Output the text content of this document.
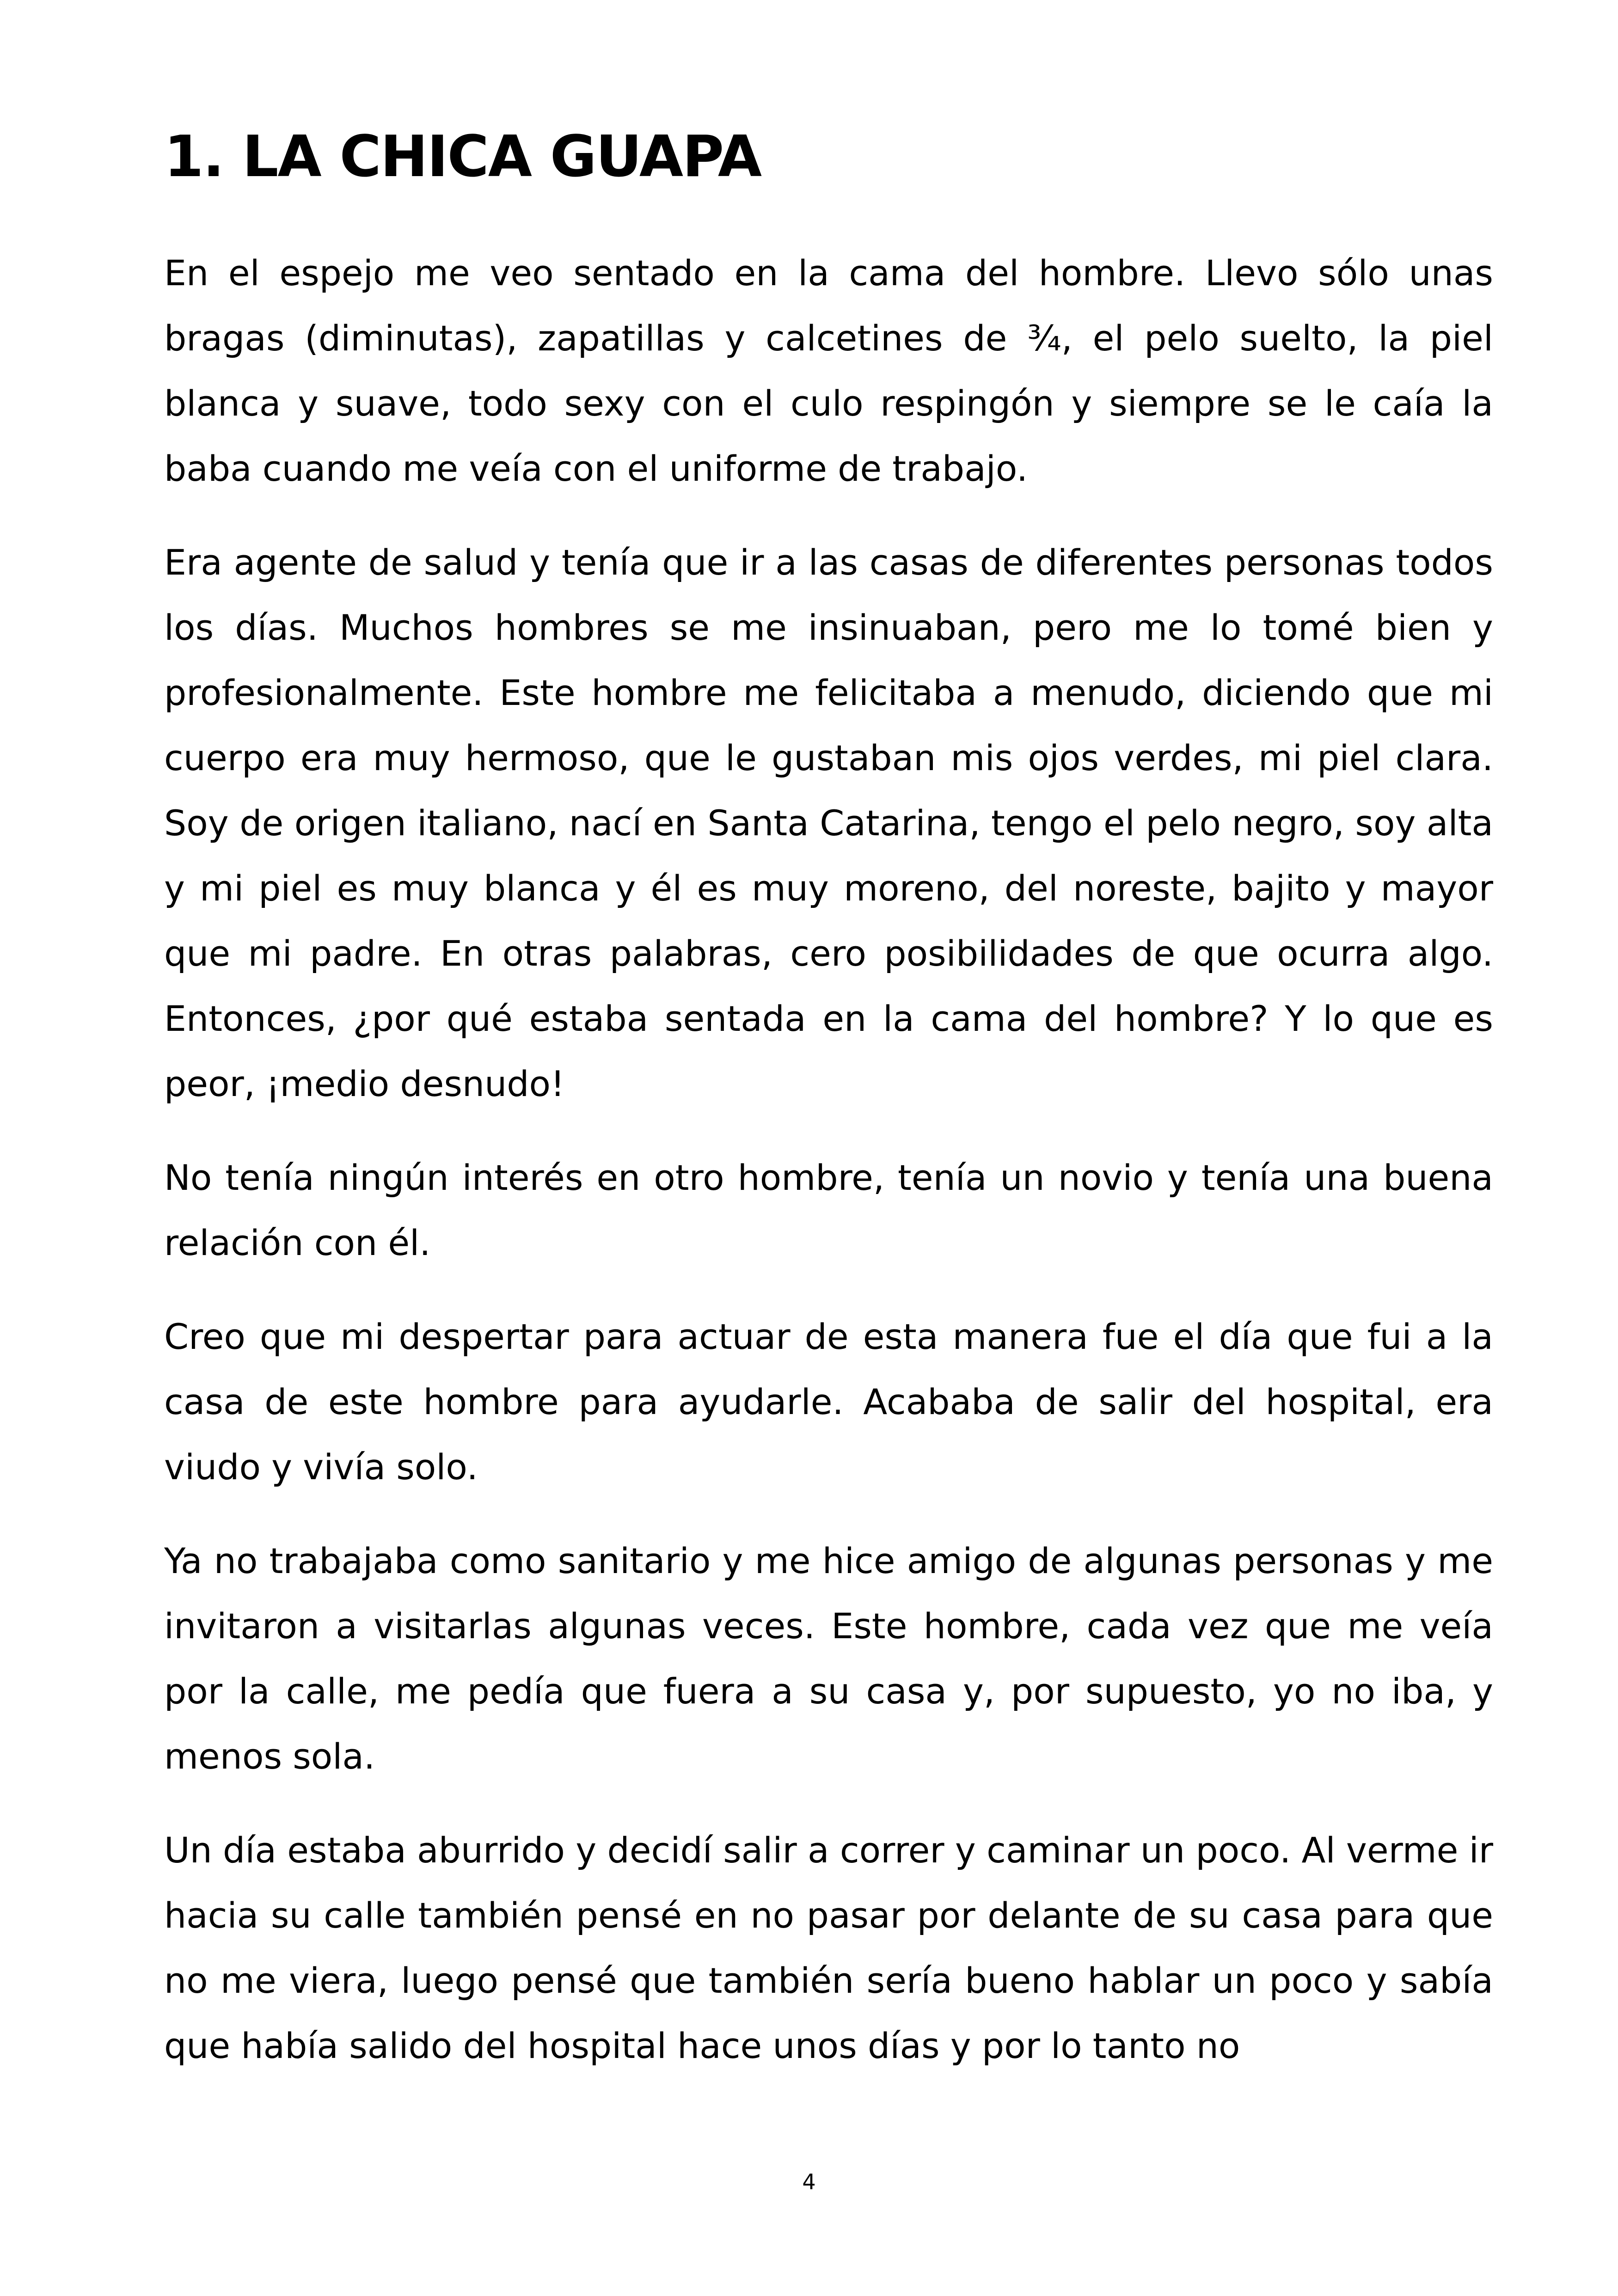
1. LA CHICA GUAPA

En el espejo me veo sentado en la cama del hombre. Llevo sólo unas bragas (diminutas), zapatillas y calcetines de ¾, el pelo suelto, la piel blanca y suave, todo sexy con el culo respingón y siempre se le caía la baba cuando me veía con el uniforme de trabajo.

Era agente de salud y tenía que ir a las casas de diferentes personas todos los días. Muchos hombres se me insinuaban, pero me lo tomé bien y profesionalmente. Este hombre me felicitaba a menudo, diciendo que mi cuerpo era muy hermoso, que le gustaban mis ojos verdes, mi piel clara. Soy de origen italiano, nací en Santa Catarina, tengo el pelo negro, soy alta y mi piel es muy blanca y él es muy moreno, del noreste, bajito y mayor que mi padre. En otras palabras, cero posibilidades de que ocurra algo. Entonces, ¿por qué estaba sentada en la cama del hombre? Y lo que es peor, ¡medio desnudo!

No tenía ningún interés en otro hombre, tenía un novio y tenía una buena relación con él.

Creo que mi despertar para actuar de esta manera fue el día que fui a la casa de este hombre para ayudarle. Acababa de salir del hospital, era viudo y vivía solo.

Ya no trabajaba como sanitario y me hice amigo de algunas personas y me invitaron a visitarlas algunas veces. Este hombre, cada vez que me veía por la calle, me pedía que fuera a su casa y, por supuesto, yo no iba, y menos sola.

Un día estaba aburrido y decidí salir a correr y caminar un poco. Al verme ir hacia su calle también pensé en no pasar por delante de su casa para que no me viera, luego pensé que también sería bueno hablar un poco y sabía que había salido del hospital hace unos días y por lo tanto no

4
